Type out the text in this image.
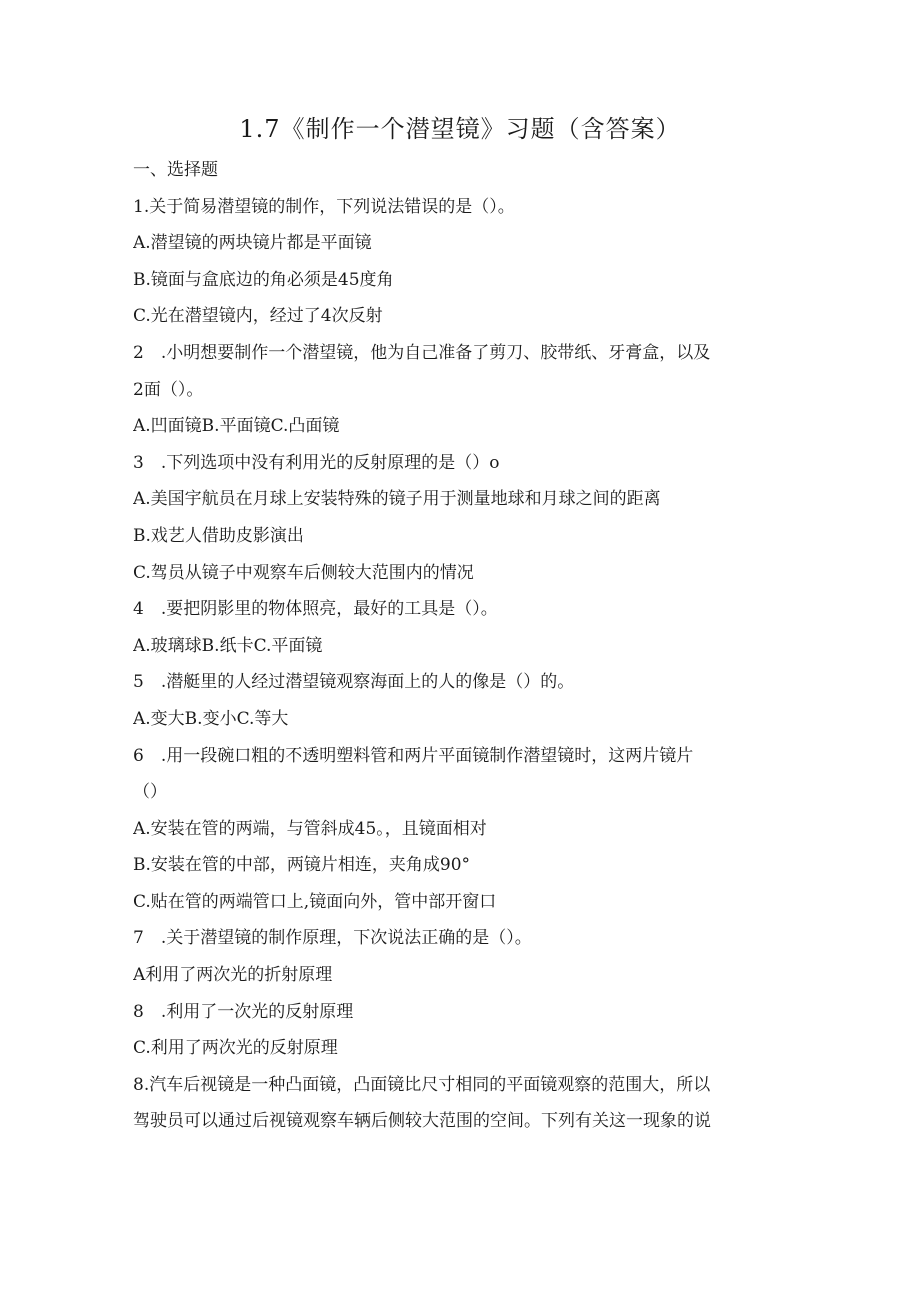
1.7《制作一个潜望镜》习题（含答案）
一、选择题
1.关于简易潜望镜的制作，下列说法错误的是（）。
A.潜望镜的两块镜片都是平面镜
B.镜面与盒底边的角必须是45度角
C.光在潜望镜内，经过了4次反射
2　.小明想要制作一个潜望镜，他为自己准备了剪刀、胶带纸、牙膏盒，以及
2面（）。
A.凹面镜B.平面镜C.凸面镜
3　.下列选项中没有利用光的反射原理的是（）o
A.美国宇航员在月球上安装特殊的镜子用于测量地球和月球之间的距离
B.戏艺人借助皮影演出
C.驾员从镜子中观察车后侧较大范围内的情况
4　.要把阴影里的物体照亮，最好的工具是（）。
A.玻璃球B.纸卡C.平面镜
5　.潜艇里的人经过潜望镜观察海面上的人的像是（）的。
A.变大B.变小C.等大
6　.用一段碗口粗的不透明塑料管和两片平面镜制作潜望镜时，这两片镜片
（）
A.安装在管的两端，与管斜成45。，且镜面相对
B.安装在管的中部，两镜片相连，夹角成90°
C.贴在管的两端管口上,镜面向外，管中部开窗口
7　.关于潜望镜的制作原理，下次说法正确的是（）。
A利用了两次光的折射原理
8　.利用了一次光的反射原理
C.利用了两次光的反射原理
8.汽车后视镜是一种凸面镜，凸面镜比尺寸相同的平面镜观察的范围大，所以
驾驶员可以通过后视镜观察车辆后侧较大范围的空间。下列有关这一现象的说
